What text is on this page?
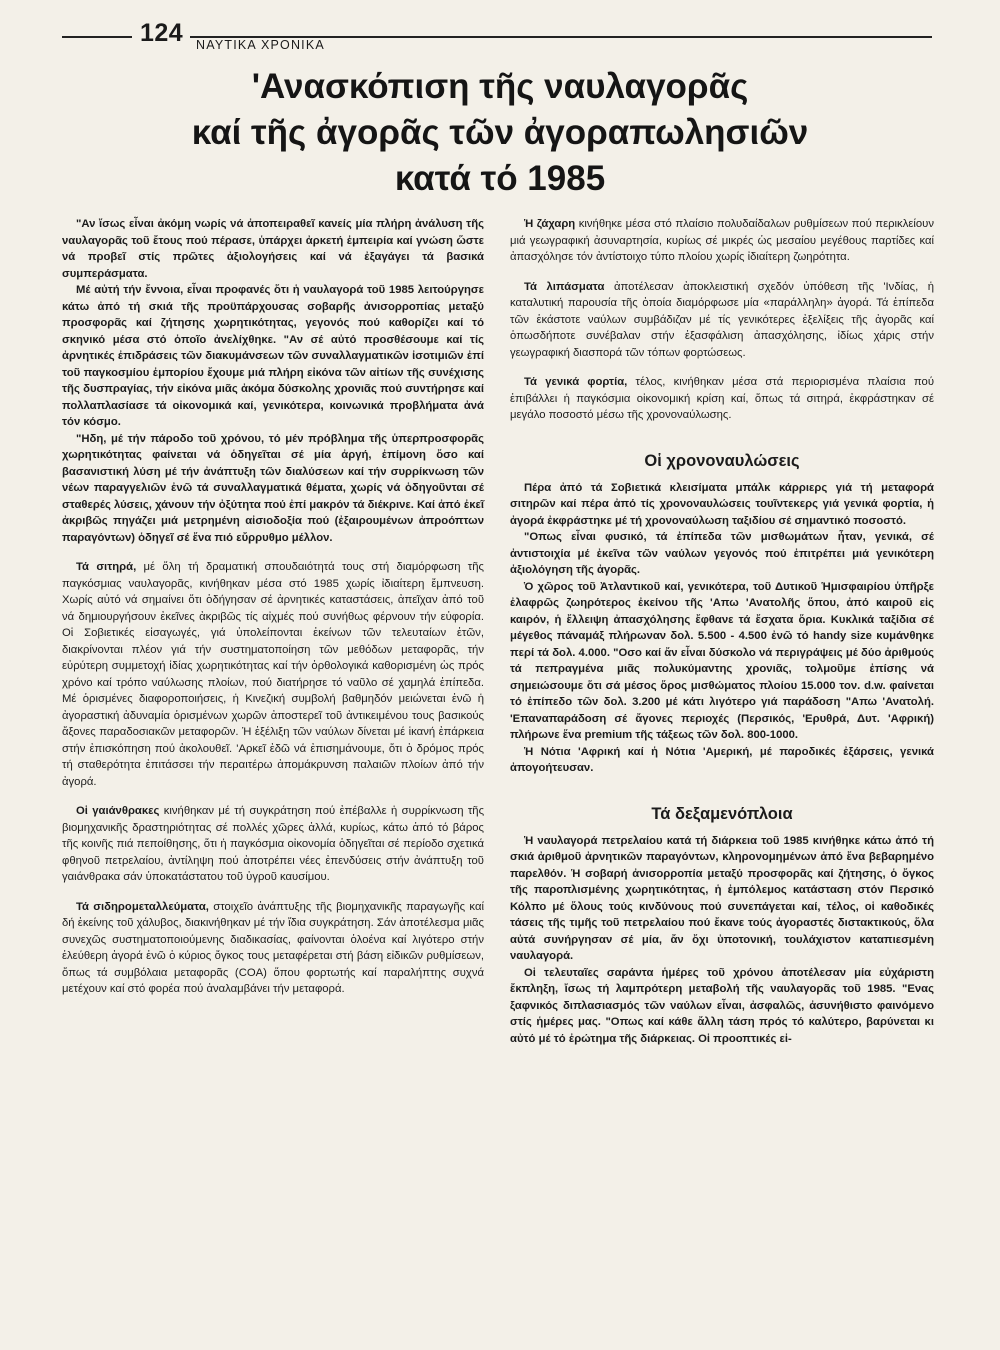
124 ΝΑΥΤΙΚΑ ΧΡΟΝΙΚΑ
'Ανασκόπιση τῆς ναυλαγορᾶς
καί τῆς ἀγορᾶς τῶν ἀγοραπωλησιῶν
κατά τό 1985

"Αν ἴσως εἶναι ἀκόμη νωρίς νά ἀποπειραθεῖ κανείς μία πλήρη ἀνάλυση τῆς ναυλαγορᾶς τοῦ ἔτους πού πέρασε, ὑπάρχει ἀρκετή ἐμπειρία καί γνώση ὥστε νά προβεῖ στίς πρῶτες ἀξιολογήσεις καί νά ἐξαγάγει τά βασικά συμπεράσματα.

Μέ αὐτή τήν ἔννοια, εἶναι προφανές ὅτι ἡ ναυλαγορά τοῦ 1985 λειτούργησε κάτω ἀπό τή σκιά τῆς προϋπάρχουσας σοβαρῆς ἀνισορροπίας μεταξύ προσφορᾶς καί ζήτησης χωρητικότητας, γεγονός πού καθορίζει καί τό σκηνικό μέσα στό ὁποῖο ἀνελίχθηκε. "Αν σέ αὐτό προσθέσουμε καί τίς ἀρνητικές ἐπιδράσεις τῶν διακυμάνσεων τῶν συναλλαγματικῶν ἰσοτιμιῶν ἐπί τοῦ παγκοσμίου ἐμπορίου ἔχουμε μιά πλήρη εἰκόνα τῶν αἰτίων τῆς συνέχισης τῆς δυσπραγίας, τήν εἰκόνα μιᾶς ἀκόμα δύσκολης χρονιᾶς πού συντήρησε καί πολλαπλασίασε τά οἰκονομικά καί, γενικότερα, κοινωνικά προβλήματα ἀνά τόν κόσμο.

"Ηδη, μέ τήν πάροδο τοῦ χρόνου, τό μέν πρόβλημα τῆς ὑπερπροσφορᾶς χωρητικότητας φαίνεται νά ὁδηγεῖται σέ μία ἀργή, ἐπίμονη ὅσο καί βασανιστική λύση μέ τήν ἀνάπτυξη τῶν διαλύσεων καί τήν συρρίκνωση τῶν νέων παραγγελιῶν ἐνῶ τά συναλλαγματικά θέματα, χωρίς νά ὁδηγοῦνται σέ σταθερές λύσεις, χάνουν τήν ὀξύτητα πού ἐπί μακρόν τά διέκρινε. Καί ἀπό ἐκεῖ ἀκριβῶς πηγάζει μιά μετρημένη αἰσιοδοξία πού (ἐξαιρουμένων ἀπροόπτων παραγόντων) ὁδηγεῖ σέ ἕνα πιό εὔρρυθμο μέλλον.

Τά σιτηρά, μέ ὅλη τή δραματική σπουδαιότητά τους στή διαμόρφωση τῆς παγκόσμιας ναυλαγορᾶς, κινήθηκαν μέσα στό 1985 χωρίς ἰδιαίτερη ἔμπνευση. Χωρίς αὐτό νά σημαίνει ὅτι ὁδήγησαν σέ ἀρνητικές καταστάσεις, ἀπεῖχαν ἀπό τοῦ νά δημιουργήσουν ἐκεῖνες ἀκριβῶς τίς αἰχμές πού συνήθως φέρνουν τήν εὐφορία. Οἱ Σοβιετικές εἰσαγωγές, γιά ὑπολείπονται ἐκείνων τῶν τελευταίων ἐτῶν, διακρίνονται πλέον γιά τήν συστηματοποίηση τῶν μεθόδων μεταφορᾶς, τήν εὐρύτερη συμμετοχή ἰδίας χωρητικότητας καί τήν ὀρθολογικά καθορισμένη ὡς πρός χρόνο καί τρόπο ναύλωσης πλοίων, πού διατήρησε τό ναῦλο σέ χαμηλά ἐπίπεδα. Μέ ὁρισμένες διαφοροποιήσεις, ἡ Κινεζική συμβολή βαθμηδόν μειώνεται ἐνῶ ἡ ἀγοραστική ἀδυναμία ὁρισμένων χωρῶν ἀποστερεῖ τοῦ ἀντικειμένου τους βασικούς ἄξονες παραδοσιακῶν μεταφορῶν. Ἡ ἐξέλιξη τῶν ναύλων δίνεται μέ ἱκανή ἐπάρκεια στήν ἐπισκόπηση πού ἀκολουθεῖ. 'Αρκεῖ ἐδῶ νά ἐπισημάνουμε, ὅτι ὁ δρόμος πρός τή σταθερότητα ἐπιτάσσει τήν περαιτέρω ἀπομάκρυνση παλαιῶν πλοίων ἀπό τήν ἀγορά.

Οἱ γαιάνθρακες κινήθηκαν μέ τή συγκράτηση πού ἐπέβαλλε ἡ συρρίκνωση τῆς βιομηχανικῆς δραστηριότητας σέ πολλές χῶρες ἀλλά, κυρίως, κάτω ἀπό τό βάρος τῆς κοινῆς πιά πεποίθησης, ὅτι ἡ παγκόσμια οἰκονομία ὁδηγεῖται σέ περίοδο σχετικά φθηνοῦ πετρελαίου, ἀντίληψη πού ἀποτρέπει νέες ἐπενδύσεις στήν ἀνάπτυξη τοῦ γαιάνθρακα σάν ὑποκατάστατου τοῦ ὑγροῦ καυσίμου.

Τά σιδηρομεταλλεύματα, στοιχεῖο ἀνάπτυξης τῆς βιομηχανικῆς παραγωγῆς καί δή ἐκείνης τοῦ χάλυβος, διακινήθηκαν μέ τήν ἴδια συγκράτηση. Σάν ἀποτέλεσμα μιᾶς συνεχῶς συστηματοποιούμενης διαδικασίας, φαίνονται ὁλοένα καί λιγότερο στήν ἐλεύθερη ἀγορά ἐνῶ ὁ κύριος ὄγκος τους μεταφέρεται στή βάση εἰδικῶν ρυθμίσεων, ὅπως τά συμβόλαια μεταφορᾶς (COA) ὅπου φορτωτής καί παραλήπτης συχνά μετέχουν καί στό φορέα πού ἀναλαμβάνει τήν μεταφορά.

Ἡ ζάχαρη κινήθηκε μέσα στό πλαίσιο πολυδαίδαλων ρυθμίσεων πού περικλείουν μιά γεωγραφική ἀσυναρτησία, κυρίως σέ μικρές ὡς μεσαίου μεγέθους παρτίδες καί ἀπασχόλησε τόν ἀντίστοιχο τύπο πλοίου χωρίς ἰδιαίτερη ζωηρότητα.

Τά λιπάσματα ἀποτέλεσαν ἀποκλειστική σχεδόν ὑπόθεση τῆς 'Ινδίας, ἡ καταλυτική παρουσία τῆς ὁποία διαμόρφωσε μία «παράλληλη» ἀγορά. Τά ἐπίπεδα τῶν ἑκάστοτε ναύλων συμβάδιζαν μέ τίς γενικότερες ἐξελίξεις τῆς ἀγορᾶς καί ὁπωσδήποτε συνέβαλαν στήν ἐξασφάλιση ἀπασχόλησης, ἰδίως χάρις στήν γεωγραφική διασπορά τῶν τόπων φορτώσεως.

Τά γενικά φορτία, τέλος, κινήθηκαν μέσα στά περιορισμένα πλαίσια πού ἐπιβάλλει ἡ παγκόσμια οἰκονομική κρίση καί, ὅπως τά σιτηρά, ἐκφράστηκαν σέ μεγάλο ποσοστό μέσω τῆς χρονοναύλωσης.

Οἱ χρονοναυλώσεις

Πέρα ἀπό τά Σοβιετικά κλεισίματα μπάλκ κάρριερς γιά τή μεταφορά σιτηρῶν καί πέρα ἀπό τίς χρονοναυλώσεις τουῖντεκερς γιά γενικά φορτία, ἡ ἀγορά ἐκφράστηκε μέ τή χρονοναύλωση ταξιδίου σέ σημαντικό ποσοστό.

"Οπως εἶναι φυσικό, τά ἐπίπεδα τῶν μισθωμάτων ἦταν, γενικά, σέ ἀντιστοιχία μέ ἐκεῖνα τῶν ναύλων γεγονός πού ἐπιτρέπει μιά γενικότερη ἀξιολόγηση τῆς ἀγορᾶς.

Ὁ χῶρος τοῦ Ἀτλαντικοῦ καί, γενικότερα, τοῦ Δυτικοῦ Ἡμισφαιρίου ὑπῆρξε ἐλαφρῶς ζωηρότερος ἐκείνου τῆς 'Απω 'Ανατολῆς ὅπου, ἀπό καιροῦ εἰς καιρόν, ἡ ἔλλειψη ἀπασχόλησης ἔφθανε τά ἔσχατα ὅρια. Κυκλικά ταξίδια σέ μέγεθος πάναμάξ πλήρωναν δολ. 5.500 - 4.500 ἐνῶ τό handy size κυμάνθηκε περί τά δολ. 4.000. "Οσο καί ἄν εἶναι δύσκολο νά περιγράψεις μέ δύο ἀριθμούς τά πεπραγμένα μιᾶς πολυκύμαντης χρονιᾶς, τολμοῦμε ἐπίσης νά σημειώσουμε ὅτι σά μέσος ὅρος μισθώματος πλοίου 15.000 τον. d.w. φαίνεται τό ἐπίπεδο τῶν δολ. 3.200 μέ κάτι λιγότερο γιά παράδοση "Απω 'Ανατολή. 'Επαναπαράδοση σέ ἄγονες περιοχές (Περσικός, 'Ερυθρά, Δυτ. 'Αφρική) πλήρωνε ἕνα premium τῆς τάξεως τῶν δολ. 800-1000.

Ἡ Νότια 'Αφρική καί ἡ Νότια 'Αμερική, μέ παροδικές ἐξάρσεις, γενικά ἀπογοήτευσαν.

Τά δεξαμενόπλοια

Ἡ ναυλαγορά πετρελαίου κατά τή διάρκεια τοῦ 1985 κινήθηκε κάτω ἀπό τή σκιά ἀριθμοῦ ἀρνητικῶν παραγόντων, κληρονομημένων ἀπό ἕνα βεβαρημένο παρελθόν. Ἡ σοβαρή ἀνισορροπία μεταξύ προσφορᾶς καί ζήτησης, ὁ ὄγκος τῆς παροπλισμένης χωρητικότητας, ἡ ἐμπόλεμος κατάσταση στόν Περσικό Κόλπο μέ ὅλους τούς κινδύνους πού συνεπάγεται καί, τέλος, οἱ καθοδικές τάσεις τῆς τιμῆς τοῦ πετρελαίου πού ἔκανε τούς ἀγοραστές διστακτικούς, ὅλα αὐτά συνήργησαν σέ μία, ἄν ὄχι ὑποτονική, τουλάχιστον καταπιεσμένη ναυλαγορά.

Οἱ τελευταῖες σαράντα ἡμέρες τοῦ χρόνου ἀποτέλεσαν μία εὐχάριστη ἔκπληξη, ἴσως τή λαμπρότερη μεταβολή τῆς ναυλαγορᾶς τοῦ 1985. "Ενας ξαφνικός διπλασιασμός τῶν ναύλων εἶναι, ἀσφαλῶς, ἀσυνήθιστο φαινόμενο στίς ἡμέρες μας. "Οπως καί κάθε ἄλλη τάση πρός τό καλύτερο, βαρύνεται κι αὐτό μέ τό ἐρώτημα τῆς διάρκειας. Οἱ προοπτικές εἰ-
